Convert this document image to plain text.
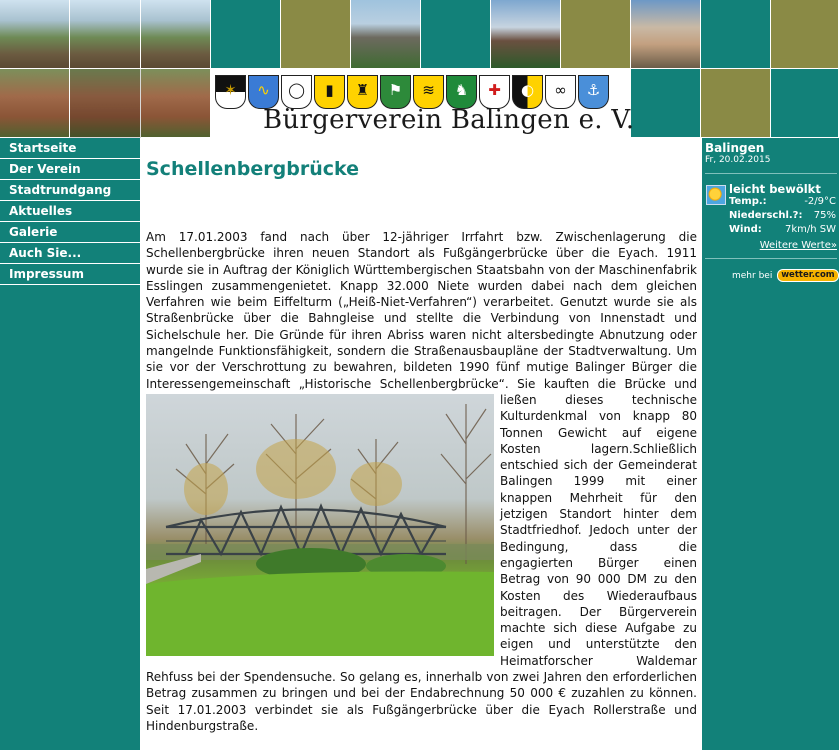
✶	∿	◯	▮	♜	⚑	≋	♞	✚	◐	∞	⚓
Bürgerverein Balingen e. V.
Startseite
Der Verein
Stadtrundgang
Aktuelles
Galerie
Auch Sie...
Impressum
Schellenbergbrücke
Am 17.01.2003 fand nach über 12-jähriger Irrfahrt bzw. Zwischenlagerung die Schellenbergbrücke ihren neuen Standort als Fußgängerbrücke über die Eyach. 1911 wurde sie in Auftrag der Königlich Württembergischen Staatsbahn von der Maschinenfabrik Esslingen zusammengenietet. Knapp 32.000 Niete wurden dabei nach dem gleichen Verfahren wie beim Eiffelturm („Heiß-Niet-Verfahren“) verarbeitet. Genutzt wurde sie als Straßenbrücke über die Bahngleise und stellte die Verbindung von Innenstadt und Sichelschule her. Die Gründe für ihren Abriss waren nicht altersbedingte Abnutzung oder mangelnde Funktionsfähigkeit, sondern die Straßenausbaupläne der Stadtverwaltung. Um sie vor der Verschrottung zu bewahren, bildeten 1990 fünf mutige Balinger Bürger die Interessengemeinschaft „Historische Schellenbergbrücke“. Sie kauften die Brücke und ließen dieses technische Kulturdenkmal von knapp 80 Tonnen Gewicht auf eigene Kosten lagern.Schließlich entschied sich der Gemeinderat Balingen 1999 mit einer knappen Mehrheit für den jetzigen Standort hinter dem Stadtfriedhof. Jedoch unter der Bedingung, dass die engagierten Bürger einen Betrag von 90 000 DM zu den Kosten des Wiederaufbaus beitragen. Der Bürgerverein machte sich diese Aufgabe zu eigen und unterstützte den Heimatforscher Waldemar Rehfuss bei der Spendensuche. So gelang es, innerhalb von zwei Jahren den erforderlichen Betrag zusammen zu bringen und bei der Endabrechnung 50 000 € zuzahlen zu können. Seit 17.01.2003 verbindet sie als Fußgängerbrücke über die Eyach Rollerstraße und Hindenburgstraße.
Balingen
Fr, 20.02.2015
leicht bewölkt
Temp.:	-2/9°C
Niederschl.?: 75%
Wind: 7km/h SW
Weitere Werte»
mehr bei wetter.com
